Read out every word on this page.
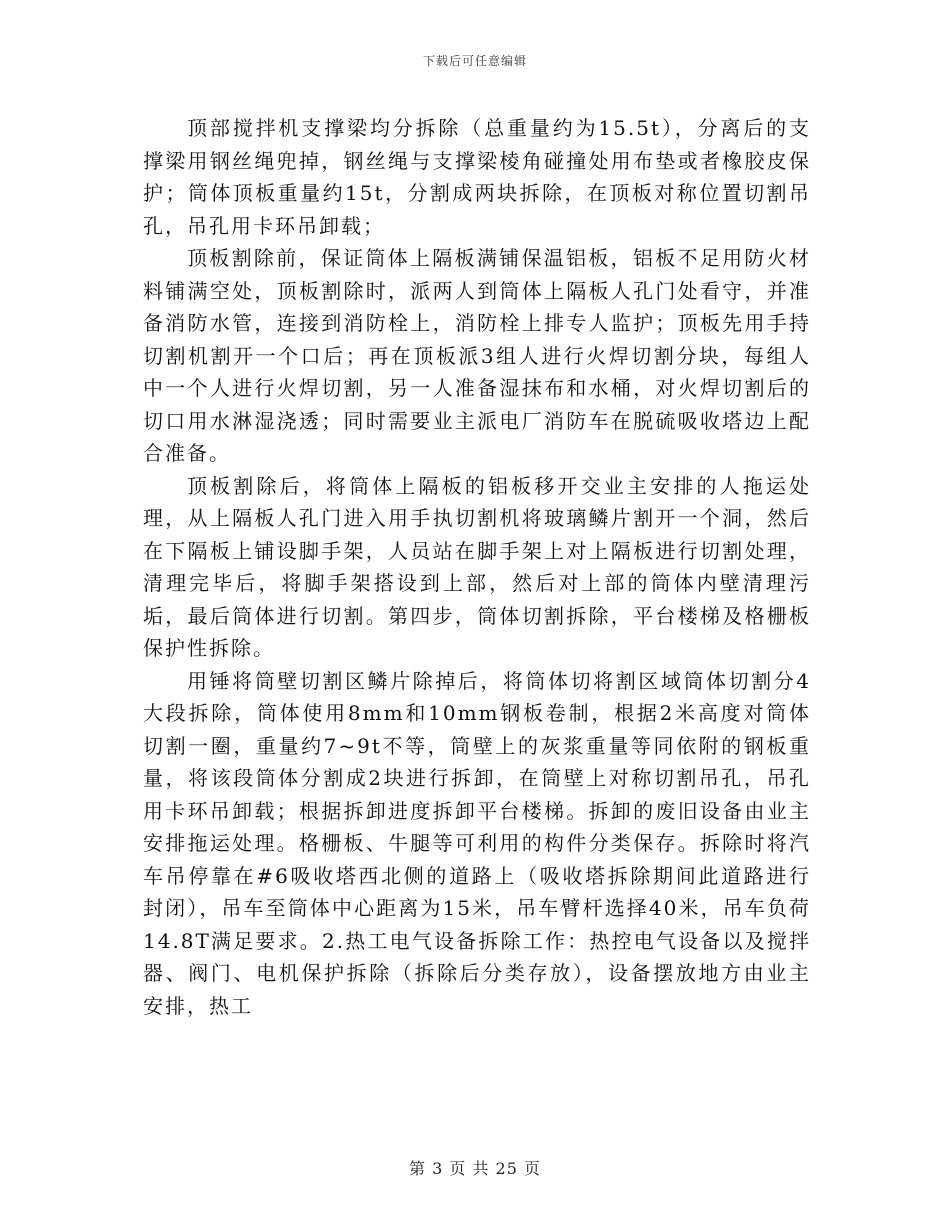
下载后可任意编辑

顶部搅拌机支撑梁均分拆除（总重量约为15.5t），分离后的支撑梁用钢丝绳兜掉，钢丝绳与支撑梁棱角碰撞处用布垫或者橡胶皮保护；筒体顶板重量约15t，分割成两块拆除，在顶板对称位置切割吊孔，吊孔用卡环吊卸载；

顶板割除前，保证筒体上隔板满铺保温铝板，铝板不足用防火材料铺满空处，顶板割除时，派两人到筒体上隔板人孔门处看守，并准备消防水管，连接到消防栓上，消防栓上排专人监护；顶板先用手持切割机割开一个口后；再在顶板派3组人进行火焊切割分块，每组人中一个人进行火焊切割，另一人准备湿抹布和水桶，对火焊切割后的切口用水淋湿浇透；同时需要业主派电厂消防车在脱硫吸收塔边上配合准备。

顶板割除后，将筒体上隔板的铝板移开交业主安排的人拖运处理，从上隔板人孔门进入用手执切割机将玻璃鳞片割开一个洞，然后在下隔板上铺设脚手架，人员站在脚手架上对上隔板进行切割处理，清理完毕后，将脚手架搭设到上部，然后对上部的筒体内壁清理污垢，最后筒体进行切割。第四步，筒体切割拆除，平台楼梯及格栅板保护性拆除。

用锤将筒壁切割区鳞片除掉后，将筒体切将割区域筒体切割分4大段拆除，筒体使用8mm和10mm钢板卷制，根据2米高度对筒体切割一圈，重量约7~9t不等，筒壁上的灰浆重量等同依附的钢板重量，将该段筒体分割成2块进行拆卸，在筒壁上对称切割吊孔，吊孔用卡环吊卸载；根据拆卸进度拆卸平台楼梯。拆卸的废旧设备由业主安排拖运处理。格栅板、牛腿等可利用的构件分类保存。拆除时将汽车吊停靠在#6吸收塔西北侧的道路上（吸收塔拆除期间此道路进行封闭），吊车至筒体中心距离为15米，吊车臂杆选择40米，吊车负荷14.8T满足要求。2.热工电气设备拆除工作：热控电气设备以及搅拌器、阀门、电机保护拆除（拆除后分类存放），设备摆放地方由业主安排，热工

第 3 页 共 25 页
